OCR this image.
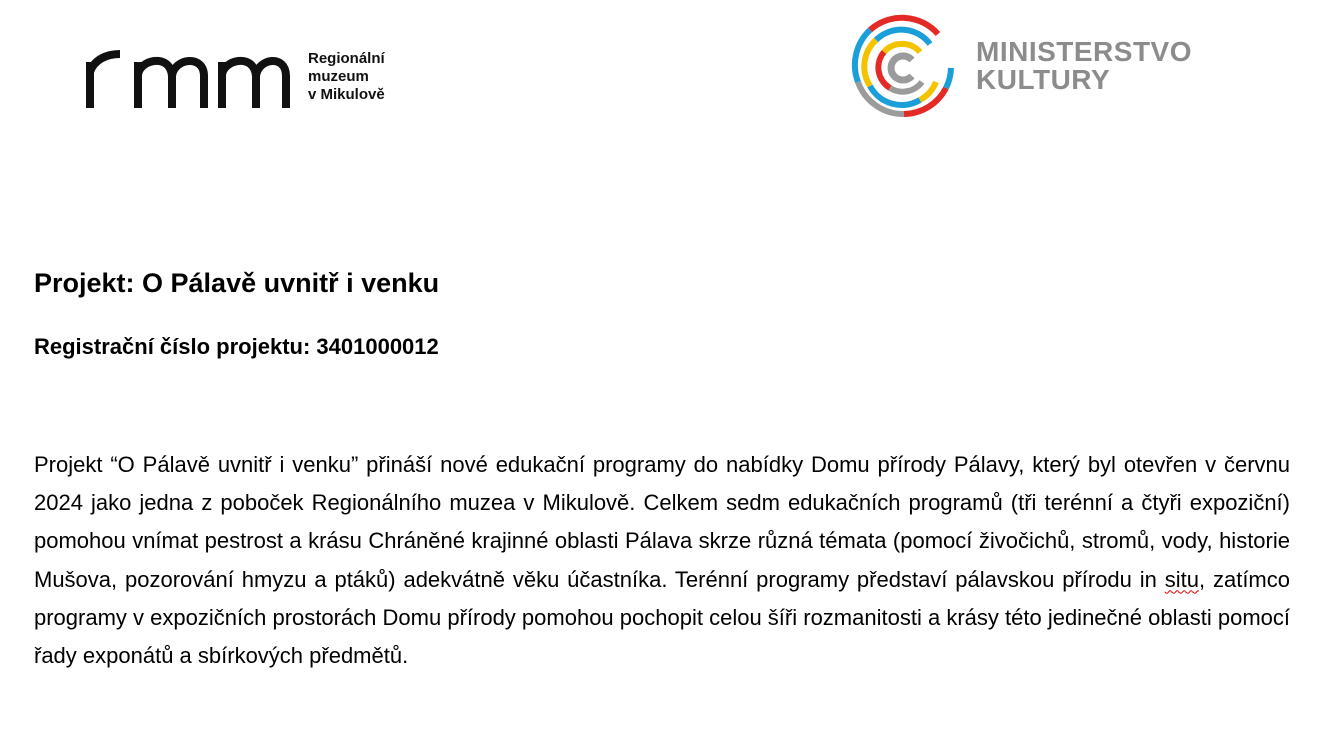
Regionální
muzeum
v Mikulově
MINISTERSTVO
KULTURY
Projekt: O Pálavě uvnitř i venku
Registrační číslo projektu: 3401000012

Projekt “O Pálavě uvnitř i venku” přináší nové edukační programy do nabídky Domu přírody Pálavy, který byl otevřen v červnu 2024 jako jedna z poboček Regionálního muzea v Mikulově. Celkem sedm edukačních programů (tři terénní a čtyři expoziční) pomohou vnímat pestrost a krásu Chráněné krajinné oblasti Pálava skrze různá témata (pomocí živočichů, stromů, vody, historie Mušova, pozorování hmyzu a ptáků) adekvátně věku účastníka. Terénní programy představí pálavskou přírodu in situ, zatímco programy v expozičních prostorách Domu přírody pomohou pochopit celou šíři rozmanitosti a krásy této jedinečné oblasti pomocí řady exponátů a sbírkových předmětů.
